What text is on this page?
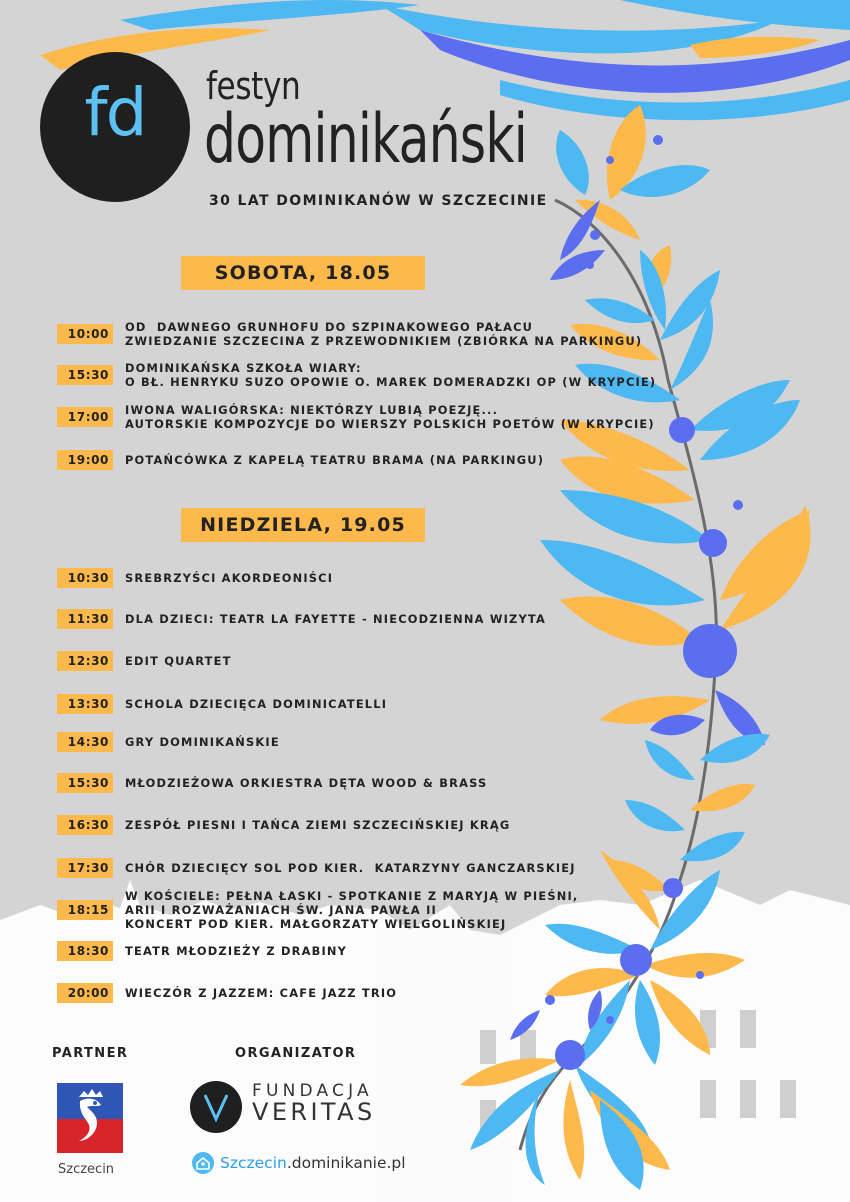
fd	festyn
dominikański
30 LAT DOMINIKANÓW W SZCZECINIE
SOBOTA, 18.05
10:00	OD  DAWNEGO GRUNHOFU DO SZPINAKOWEGO PAŁACU
ZWIEDZANIE SZCZECINA Z PRZEWODNIKIEM (ZBIÓRKA NA PARKINGU)
15:30	DOMINIKAŃSKA SZKOŁA WIARY:
O BŁ. HENRYKU SUZO OPOWIE O. MAREK DOMERADZKI OP (W KRYPCIE)
17:00	IWONA WALIGÓRSKA: NIEKTÓRZY LUBIĄ POEZJĘ...
AUTORSKIE KOMPOZYCJE DO WIERSZY POLSKICH POETÓW (W KRYPCIE)
19:00	POTAŃCÓWKA Z KAPELĄ TEATRU BRAMA (NA PARKINGU)
NIEDZIELA, 19.05
10:30	SREBRZYŚCI AKORDEONIŚCI
11:30	DLA DZIECI: TEATR LA FAYETTE - NIECODZIENNA WIZYTA
12:30	EDIT QUARTET
13:30	SCHOLA DZIECIĘCA DOMINICATELLI
14:30	GRY DOMINIKAŃSKIE
15:30	MŁODZIEŻOWA ORKIESTRA DĘTA WOOD & BRASS
16:30	ZESPÓŁ PIESNI I TAŃCA ZIEMI SZCZECIŃSKIEJ KRĄG
17:30	CHÓR DZIECIĘCY SOL POD KIER.  KATARZYNY GANCZARSKIEJ
18:15
W KOŚCIELE: PEŁNA ŁASKI - SPOTKANIE Z MARYJĄ W PIEŚNI,
ARII I ROZWAŻANIACH ŚW. JANA PAWŁA II
KONCERT POD KIER. MAŁGORZATY WIELGOLIŃSKIEJ
18:30	TEATR MŁODZIEŻY Z DRABINY
20:00	WIECZÓR Z JAZZEM: CAFE JAZZ TRIO
PARTNER	ORGANIZATOR
Szczecin
FUNDACJA
VERITAS
Szczecin.dominikanie.pl
